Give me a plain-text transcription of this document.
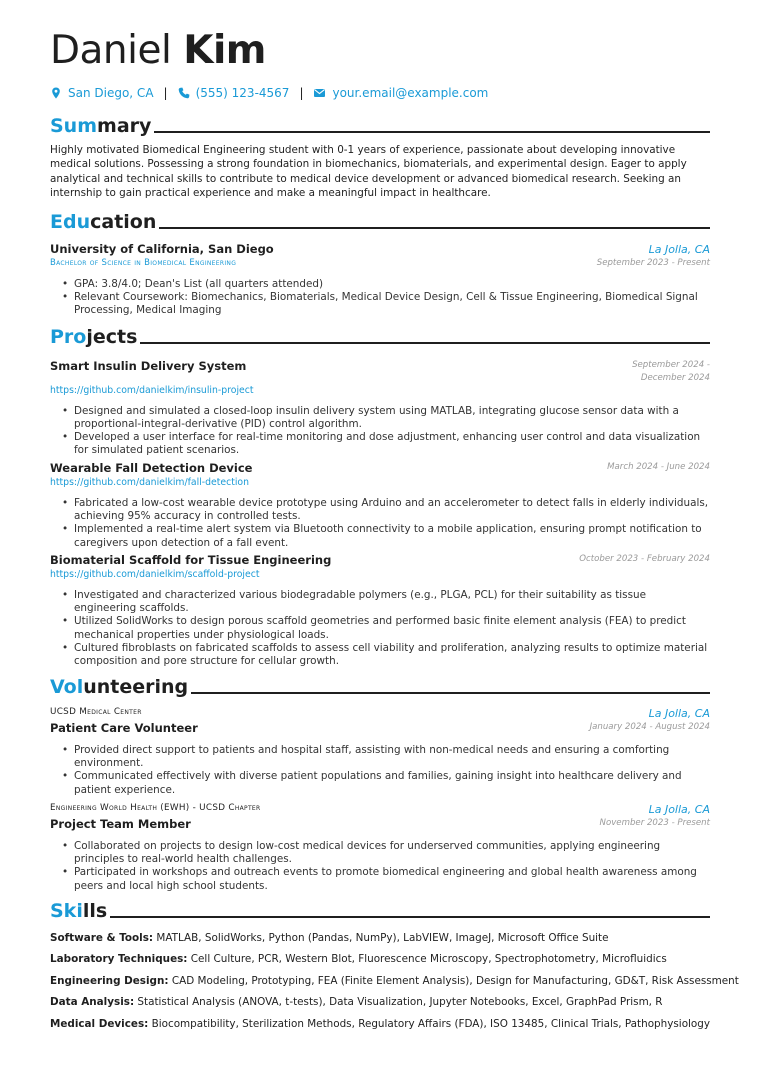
Daniel Kim
San Diego, CA | (555) 123-4567 | your.email@example.com
Summary
Highly motivated Biomedical Engineering student with 0-1 years of experience, passionate about developing innovative medical solutions. Possessing a strong foundation in biomechanics, biomaterials, and experimental design. Eager to apply analytical and technical skills to contribute to medical device development or advanced biomedical research. Seeking an internship to gain practical experience and make a meaningful impact in healthcare.
Education
University of California, San Diego	La Jolla, CA
Bachelor of Science in Biomedical Engineering	September 2023 - Present
• GPA: 3.8/4.0; Dean's List (all quarters attended)
• Relevant Coursework: Biomechanics, Biomaterials, Medical Device Design, Cell & Tissue Engineering, Biomedical Signal Processing, Medical Imaging
Projects
Smart Insulin Delivery System	September 2024 - December 2024
https://github.com/danielkim/insulin-project
• Designed and simulated a closed-loop insulin delivery system using MATLAB, integrating glucose sensor data with a proportional-integral-derivative (PID) control algorithm.
• Developed a user interface for real-time monitoring and dose adjustment, enhancing user control and data visualization for simulated patient scenarios.
Wearable Fall Detection Device	March 2024 - June 2024
https://github.com/danielkim/fall-detection
• Fabricated a low-cost wearable device prototype using Arduino and an accelerometer to detect falls in elderly individuals, achieving 95% accuracy in controlled tests.
• Implemented a real-time alert system via Bluetooth connectivity to a mobile application, ensuring prompt notification to caregivers upon detection of a fall event.
Biomaterial Scaffold for Tissue Engineering	October 2023 - February 2024
https://github.com/danielkim/scaffold-project
• Investigated and characterized various biodegradable polymers (e.g., PLGA, PCL) for their suitability as tissue engineering scaffolds.
• Utilized SolidWorks to design porous scaffold geometries and performed basic finite element analysis (FEA) to predict mechanical properties under physiological loads.
• Cultured fibroblasts on fabricated scaffolds to assess cell viability and proliferation, analyzing results to optimize material composition and pore structure for cellular growth.
Volunteering
UCSD Medical Center	La Jolla, CA
Patient Care Volunteer	January 2024 - August 2024
• Provided direct support to patients and hospital staff, assisting with non-medical needs and ensuring a comforting environment.
• Communicated effectively with diverse patient populations and families, gaining insight into healthcare delivery and patient experience.
Engineering World Health (EWH) - UCSD Chapter	La Jolla, CA
Project Team Member	November 2023 - Present
• Collaborated on projects to design low-cost medical devices for underserved communities, applying engineering principles to real-world health challenges.
• Participated in workshops and outreach events to promote biomedical engineering and global health awareness among peers and local high school students.
Skills
Software & Tools: MATLAB, SolidWorks, Python (Pandas, NumPy), LabVIEW, ImageJ, Microsoft Office Suite
Laboratory Techniques: Cell Culture, PCR, Western Blot, Fluorescence Microscopy, Spectrophotometry, Microfluidics
Engineering Design: CAD Modeling, Prototyping, FEA (Finite Element Analysis), Design for Manufacturing, GD&T, Risk Assessment
Data Analysis: Statistical Analysis (ANOVA, t-tests), Data Visualization, Jupyter Notebooks, Excel, GraphPad Prism, R
Medical Devices: Biocompatibility, Sterilization Methods, Regulatory Affairs (FDA), ISO 13485, Clinical Trials, Pathophysiology
